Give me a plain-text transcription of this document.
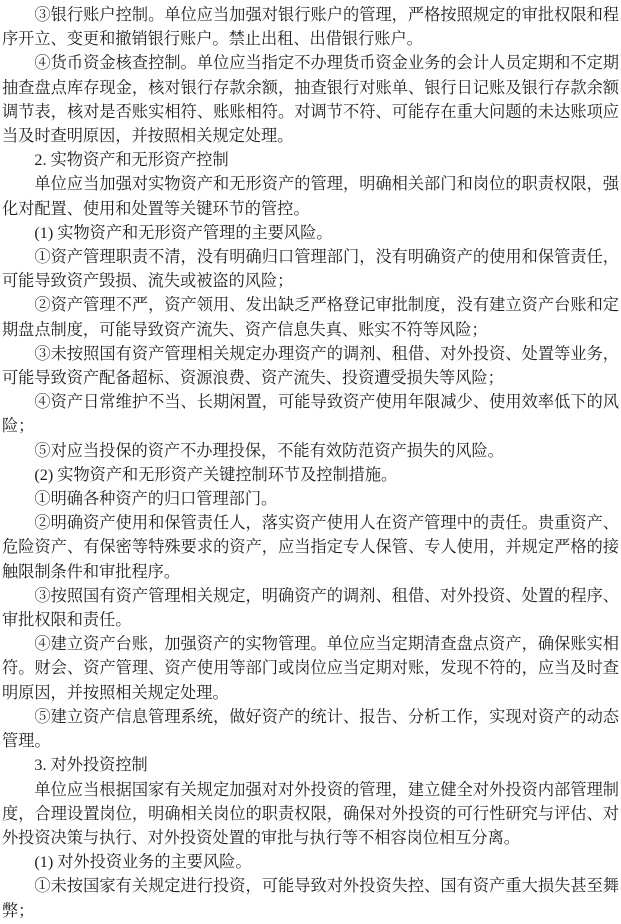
③银行账户控制。单位应当加强对银行账户的管理，严格按照规定的审批权限和程序开立、变更和撤销银行账户。禁止出租、出借银行账户。

④货币资金核查控制。单位应当指定不办理货币资金业务的会计人员定期和不定期抽查盘点库存现金，核对银行存款余额，抽查银行对账单、银行日记账及银行存款余额调节表，核对是否账实相符、账账相符。对调节不符、可能存在重大问题的未达账项应当及时查明原因，并按照相关规定处理。

2. 实物资产和无形资产控制

单位应当加强对实物资产和无形资产的管理，明确相关部门和岗位的职责权限，强化对配置、使用和处置等关键环节的管控。

(1) 实物资产和无形资产管理的主要风险。

①资产管理职责不清，没有明确归口管理部门，没有明确资产的使用和保管责任，可能导致资产毁损、流失或被盗的风险；

②资产管理不严，资产领用、发出缺乏严格登记审批制度，没有建立资产台账和定期盘点制度，可能导致资产流失、资产信息失真、账实不符等风险；

③未按照国有资产管理相关规定办理资产的调剂、租借、对外投资、处置等业务，可能导致资产配备超标、资源浪费、资产流失、投资遭受损失等风险；

④资产日常维护不当、长期闲置，可能导致资产使用年限减少、使用效率低下的风险；

⑤对应当投保的资产不办理投保，不能有效防范资产损失的风险。

(2) 实物资产和无形资产关键控制环节及控制措施。

①明确各种资产的归口管理部门。

②明确资产使用和保管责任人，落实资产使用人在资产管理中的责任。贵重资产、危险资产、有保密等特殊要求的资产，应当指定专人保管、专人使用，并规定严格的接触限制条件和审批程序。

③按照国有资产管理相关规定，明确资产的调剂、租借、对外投资、处置的程序、审批权限和责任。

④建立资产台账，加强资产的实物管理。单位应当定期清查盘点资产，确保账实相符。财会、资产管理、资产使用等部门或岗位应当定期对账，发现不符的，应当及时查明原因，并按照相关规定处理。

⑤建立资产信息管理系统，做好资产的统计、报告、分析工作，实现对资产的动态管理。

3. 对外投资控制

单位应当根据国家有关规定加强对对外投资的管理，建立健全对外投资内部管理制度，合理设置岗位，明确相关岗位的职责权限，确保对外投资的可行性研究与评估、对外投资决策与执行、对外投资处置的审批与执行等不相容岗位相互分离。

(1) 对外投资业务的主要风险。

①未按国家有关规定进行投资，可能导致对外投资失控、国有资产重大损失甚至舞弊；
